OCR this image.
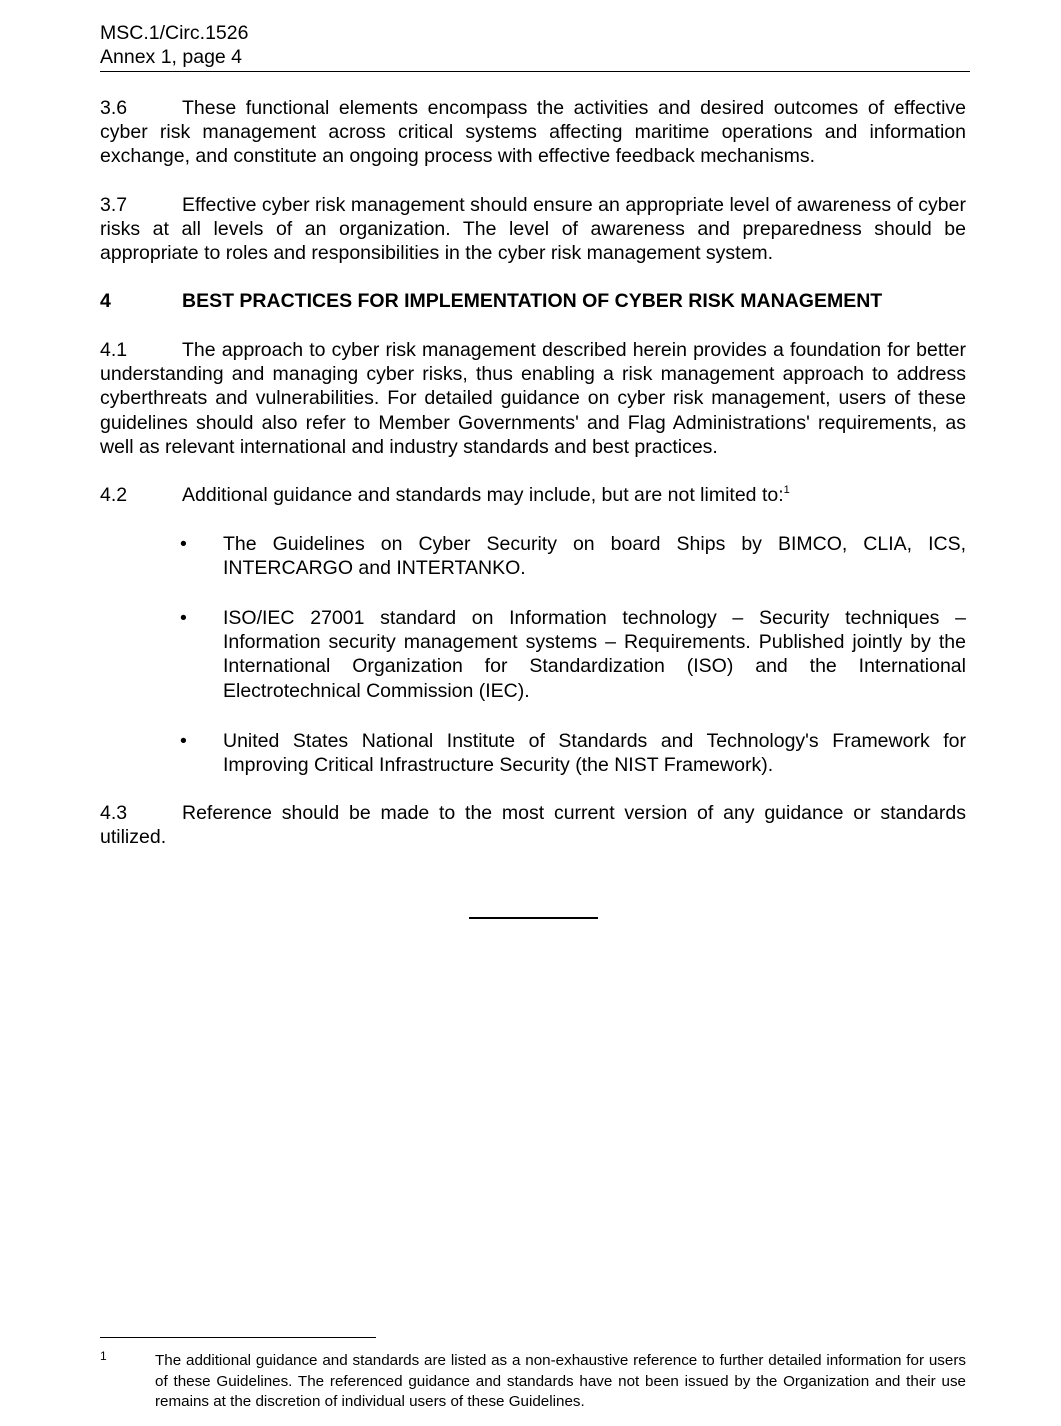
MSC.1/Circ.1526
Annex 1, page 4
3.6	These functional elements encompass the activities and desired outcomes of effective cyber risk management across critical systems affecting maritime operations and information exchange, and constitute an ongoing process with effective feedback mechanisms.
3.7	Effective cyber risk management should ensure an appropriate level of awareness of cyber risks at all levels of an organization. The level of awareness and preparedness should be appropriate to roles and responsibilities in the cyber risk management system.
4	BEST PRACTICES FOR IMPLEMENTATION OF CYBER RISK MANAGEMENT
4.1	The approach to cyber risk management described herein provides a foundation for better understanding and managing cyber risks, thus enabling a risk management approach to address cyberthreats and vulnerabilities. For detailed guidance on cyber risk management, users of these guidelines should also refer to Member Governments' and Flag Administrations' requirements, as well as relevant international and industry standards and best practices.
4.2	Additional guidance and standards may include, but are not limited to:$^1$
•	The Guidelines on Cyber Security on board Ships by BIMCO, CLIA, ICS, INTERCARGO and INTERTANKO.
•	ISO/IEC 27001 standard on Information technology – Security techniques – Information security management systems – Requirements. Published jointly by the International Organization for Standardization (ISO) and the International Electrotechnical Commission (IEC).
•	United States National Institute of Standards and Technology's Framework for Improving Critical Infrastructure Security (the NIST Framework).
4.3	Reference should be made to the most current version of any guidance or standards utilized.
1	The additional guidance and standards are listed as a non-exhaustive reference to further detailed information for users of these Guidelines. The referenced guidance and standards have not been issued by the Organization and their use remains at the discretion of individual users of these Guidelines.
